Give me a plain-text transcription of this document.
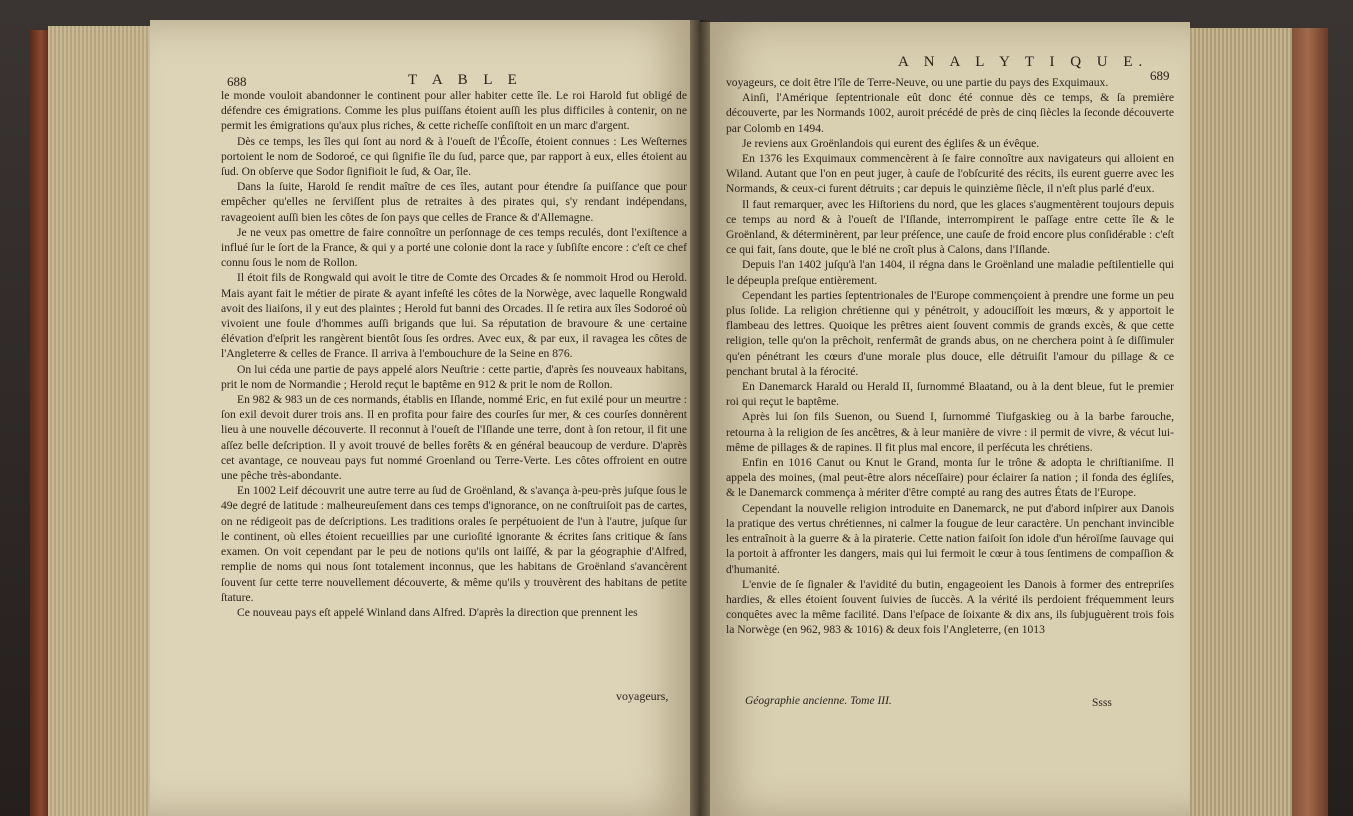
688	T A B L E
A N A L Y T I Q U E.
689

le monde vouloit abandonner le continent pour aller habiter cette île. Le roi Harold fut obligé de défendre ces émigrations. Comme les plus puiſſans étoient auſſi les plus difficiles à contenir, on ne permit les émigrations qu'aux plus riches, & cette richeſſe conſiſtoit en un marc d'argent.

Dès ce temps, les îles qui ſont au nord & à l'oueſt de l'Écoſſe, étoient connues : Les Weſternes portoient le nom de Sodoroé, ce qui ſignifie île du ſud, parce que, par rapport à eux, elles étoient au ſud. On obſerve que Sodor ſignifioit le ſud, & Oar, île.

Dans la ſuite, Harold ſe rendit maître de ces îles, autant pour étendre ſa puiſſance que pour empêcher qu'elles ne ſerviſſent plus de retraites à des pirates qui, s'y rendant indépendans, ravageoient auſſi bien les côtes de ſon pays que celles de France & d'Allemagne.

Je ne veux pas omettre de faire connoître un perſonnage de ces temps reculés, dont l'exiſtence a influé ſur le ſort de la France, & qui y a porté une colonie dont la race y ſubſiſte encore : c'eſt ce chef connu ſous le nom de Rollon.

Il étoit fils de Rongwald qui avoit le titre de Comte des Orcades & ſe nommoit Hrod ou Herold. Mais ayant fait le métier de pirate & ayant infeſté les côtes de la Norwège, avec laquelle Rongwald avoit des liaiſons, il y eut des plaintes ; Herold fut banni des Orcades. Il ſe retira aux îles Sodoroé où vivoient une foule d'hommes auſſi brigands que lui. Sa réputation de bravoure & une certaine élévation d'eſprit les rangèrent bientôt ſous ſes ordres. Avec eux, & par eux, il ravagea les côtes de l'Angleterre & celles de France. Il arriva à l'embouchure de la Seine en 876.

On lui céda une partie de pays appelé alors Neuſtrie : cette partie, d'après ſes nouveaux habitans, prit le nom de Normandie ; Herold reçut le baptême en 912 & prit le nom de Rollon.

En 982 & 983 un de ces normands, établis en Iſlande, nommé Eric, en fut exilé pour un meurtre : ſon exil devoit durer trois ans. Il en profita pour faire des courſes ſur mer, & ces courſes donnèrent lieu à une nouvelle découverte. Il reconnut à l'oueſt de l'Iſlande une terre, dont à ſon retour, il fit une aſſez belle deſcription. Il y avoit trouvé de belles forêts & en général beaucoup de verdure. D'après cet avantage, ce nouveau pays fut nommé Groenland ou Terre-Verte. Les côtes offroient en outre une pêche très-abondante.

En 1002 Leif découvrit une autre terre au ſud de Groënland, & s'avança à-peu-près juſque ſous le 49e degré de latitude : malheureuſement dans ces temps d'ignorance, on ne conſtruiſoit pas de cartes, on ne rédigeoit pas de deſcriptions. Les traditions orales ſe perpétuoient de l'un à l'autre, juſque ſur le continent, où elles étoient recueillies par une curioſité ignorante & écrites ſans critique & ſans examen. On voit cependant par le peu de notions qu'ils ont laiſſé, & par la géographie d'Alfred, remplie de noms qui nous ſont totalement inconnus, que les habitans de Groënland s'avancèrent ſouvent ſur cette terre nouvellement découverte, & même qu'ils y trouvèrent des habitans de petite ſtature.

Ce nouveau pays eſt appelé Winland dans Alfred. D'après la direction que prennent les

voyageurs,

voyageurs, ce doit être l'île de Terre-Neuve, ou une partie du pays des Exquimaux.

Ainſi, l'Amérique ſeptentrionale eût donc été connue dès ce temps, & ſa première découverte, par les Normands 1002, auroit précédé de près de cinq ſiècles la ſeconde découverte par Colomb en 1494.

Je reviens aux Groënlandois qui eurent des égliſes & un évêque.

En 1376 les Exquimaux commencèrent à ſe faire connoître aux navigateurs qui alloient en Wiland. Autant que l'on en peut juger, à cauſe de l'obſcurité des récits, ils eurent guerre avec les Normands, & ceux-ci furent détruits ; car depuis le quinzième ſiècle, il n'eſt plus parlé d'eux.

Il faut remarquer, avec les Hiſtoriens du nord, que les glaces s'augmentèrent toujours depuis ce temps au nord & à l'oueſt de l'Iſlande, interrompirent le paſſage entre cette île & le Groënland, & déterminèrent, par leur préſence, une cauſe de froid encore plus conſidérable : c'eſt ce qui fait, ſans doute, que le blé ne croît plus à Calons, dans l'Iſlande.

Depuis l'an 1402 juſqu'à l'an 1404, il régna dans le Groënland une maladie peſtilentielle qui le dépeupla preſque entièrement.

Cependant les parties ſeptentrionales de l'Europe commençoient à prendre une forme un peu plus ſolide. La religion chrétienne qui y pénétroit, y adouciſſoit les mœurs, & y apportoit le flambeau des lettres. Quoique les prêtres aient ſouvent commis de grands excès, & que cette religion, telle qu'on la prêchoit, renfermât de grands abus, on ne cherchera point à ſe diſſimuler qu'en pénétrant les cœurs d'une morale plus douce, elle détruiſit l'amour du pillage & ce penchant brutal à la férocité.

En Danemarck Harald ou Herald II, ſurnommé Blaatand, ou à la dent bleue, fut le premier roi qui reçut le baptême.

Après lui ſon fils Suenon, ou Suend I, ſurnommé Tiufgaskieg ou à la barbe farouche, retourna à la religion de ſes ancêtres, & à leur manière de vivre : il permit de vivre, & vécut lui-même de pillages & de rapines. Il fit plus mal encore, il perſécuta les chrétiens.

Enfin en 1016 Canut ou Knut le Grand, monta ſur le trône & adopta le chriſtianiſme. Il appela des moines, (mal peut-être alors néceſſaire) pour éclairer ſa nation ; il fonda des égliſes, & le Danemarck commença à mériter d'être compté au rang des autres États de l'Europe.

Cependant la nouvelle religion introduite en Danemarck, ne put d'abord inſpirer aux Danois la pratique des vertus chrétiennes, ni calmer la fougue de leur caractère. Un penchant invincible les entraînoit à la guerre & à la piraterie. Cette nation faiſoit ſon idole d'un héroïſme ſauvage qui la portoit à affronter les dangers, mais qui lui fermoit le cœur à tous ſentimens de compaſſion & d'humanité.

L'envie de ſe ſignaler & l'avidité du butin, engageoient les Danois à former des entrepriſes hardies, & elles étoient ſouvent ſuivies de ſuccès. A la vérité ils perdoient fréquemment leurs conquêtes avec la même facilité. Dans l'eſpace de ſoixante & dix ans, ils ſubjuguèrent trois fois la Norwège (en 962, 983 & 1016) & deux fois l'Angleterre, (en 1013

Géographie ancienne. Tome III.	Ssss
